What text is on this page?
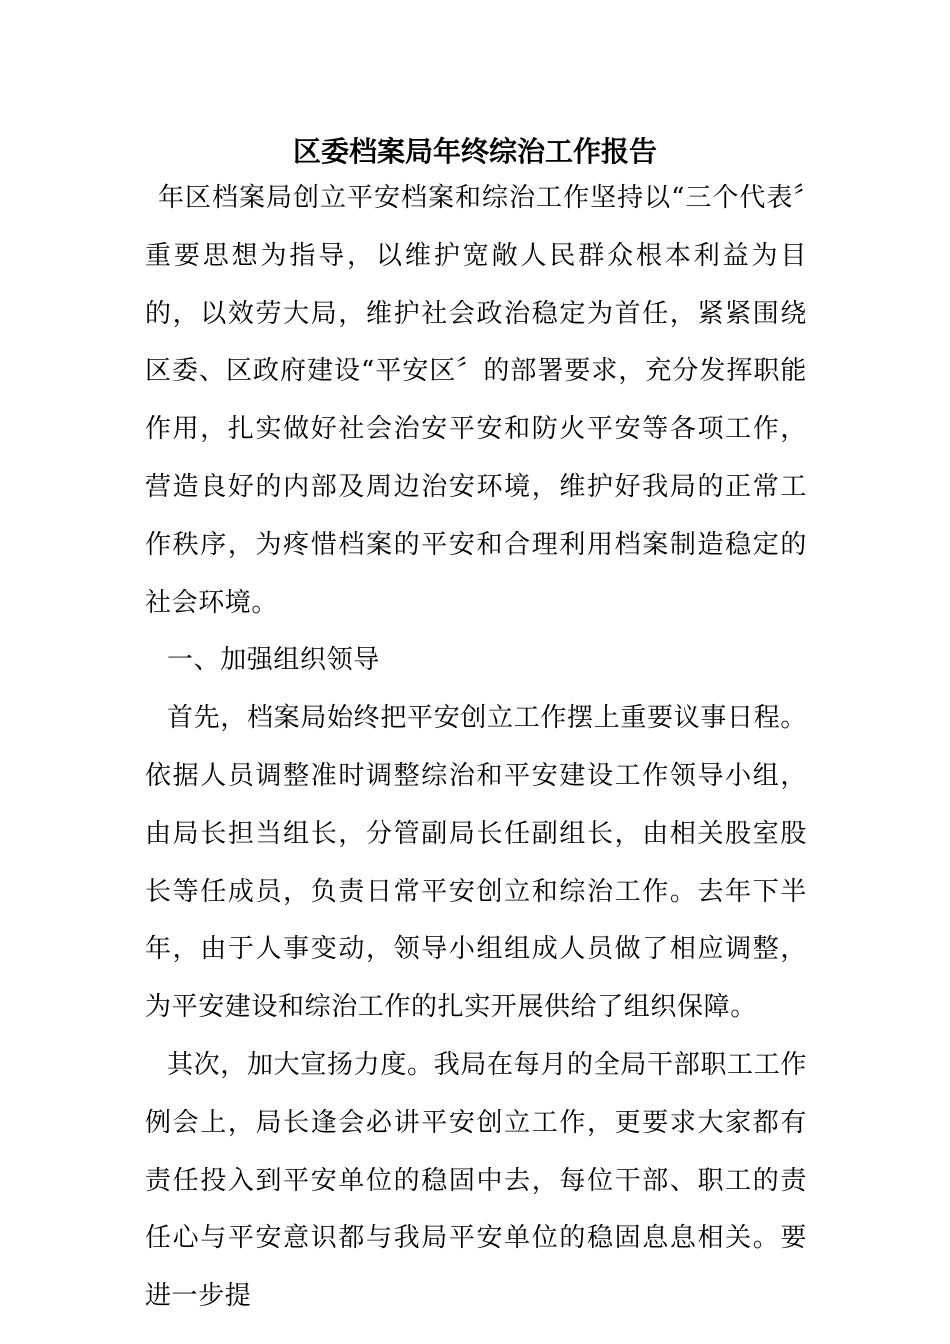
区委档案局年终综治工作报告

年区档案局创立平安档案和综治工作坚持以“三个代表〞重要思想为指导，以维护宽敞人民群众根本利益为目的，以效劳大局，维护社会政治稳定为首任，紧紧围绕区委、区政府建设“平安区〞的部署要求，充分发挥职能作用，扎实做好社会治安平安和防火平安等各项工作，营造良好的内部及周边治安环境，维护好我局的正常工作秩序，为疼惜档案的平安和合理利用档案制造稳定的社会环境。

一、加强组织领导

首先，档案局始终把平安创立工作摆上重要议事日程。依据人员调整准时调整综治和平安建设工作领导小组，由局长担当组长，分管副局长任副组长，由相关股室股长等任成员，负责日常平安创立和综治工作。去年下半年，由于人事变动，领导小组组成人员做了相应调整，为平安建设和综治工作的扎实开展供给了组织保障。

其次，加大宣扬力度。我局在每月的全局干部职工工作例会上，局长逢会必讲平安创立工作，更要求大家都有责任投入到平安单位的稳固中去，每位干部、职工的责任心与平安意识都与我局平安单位的稳固息息相关。要进一步提
